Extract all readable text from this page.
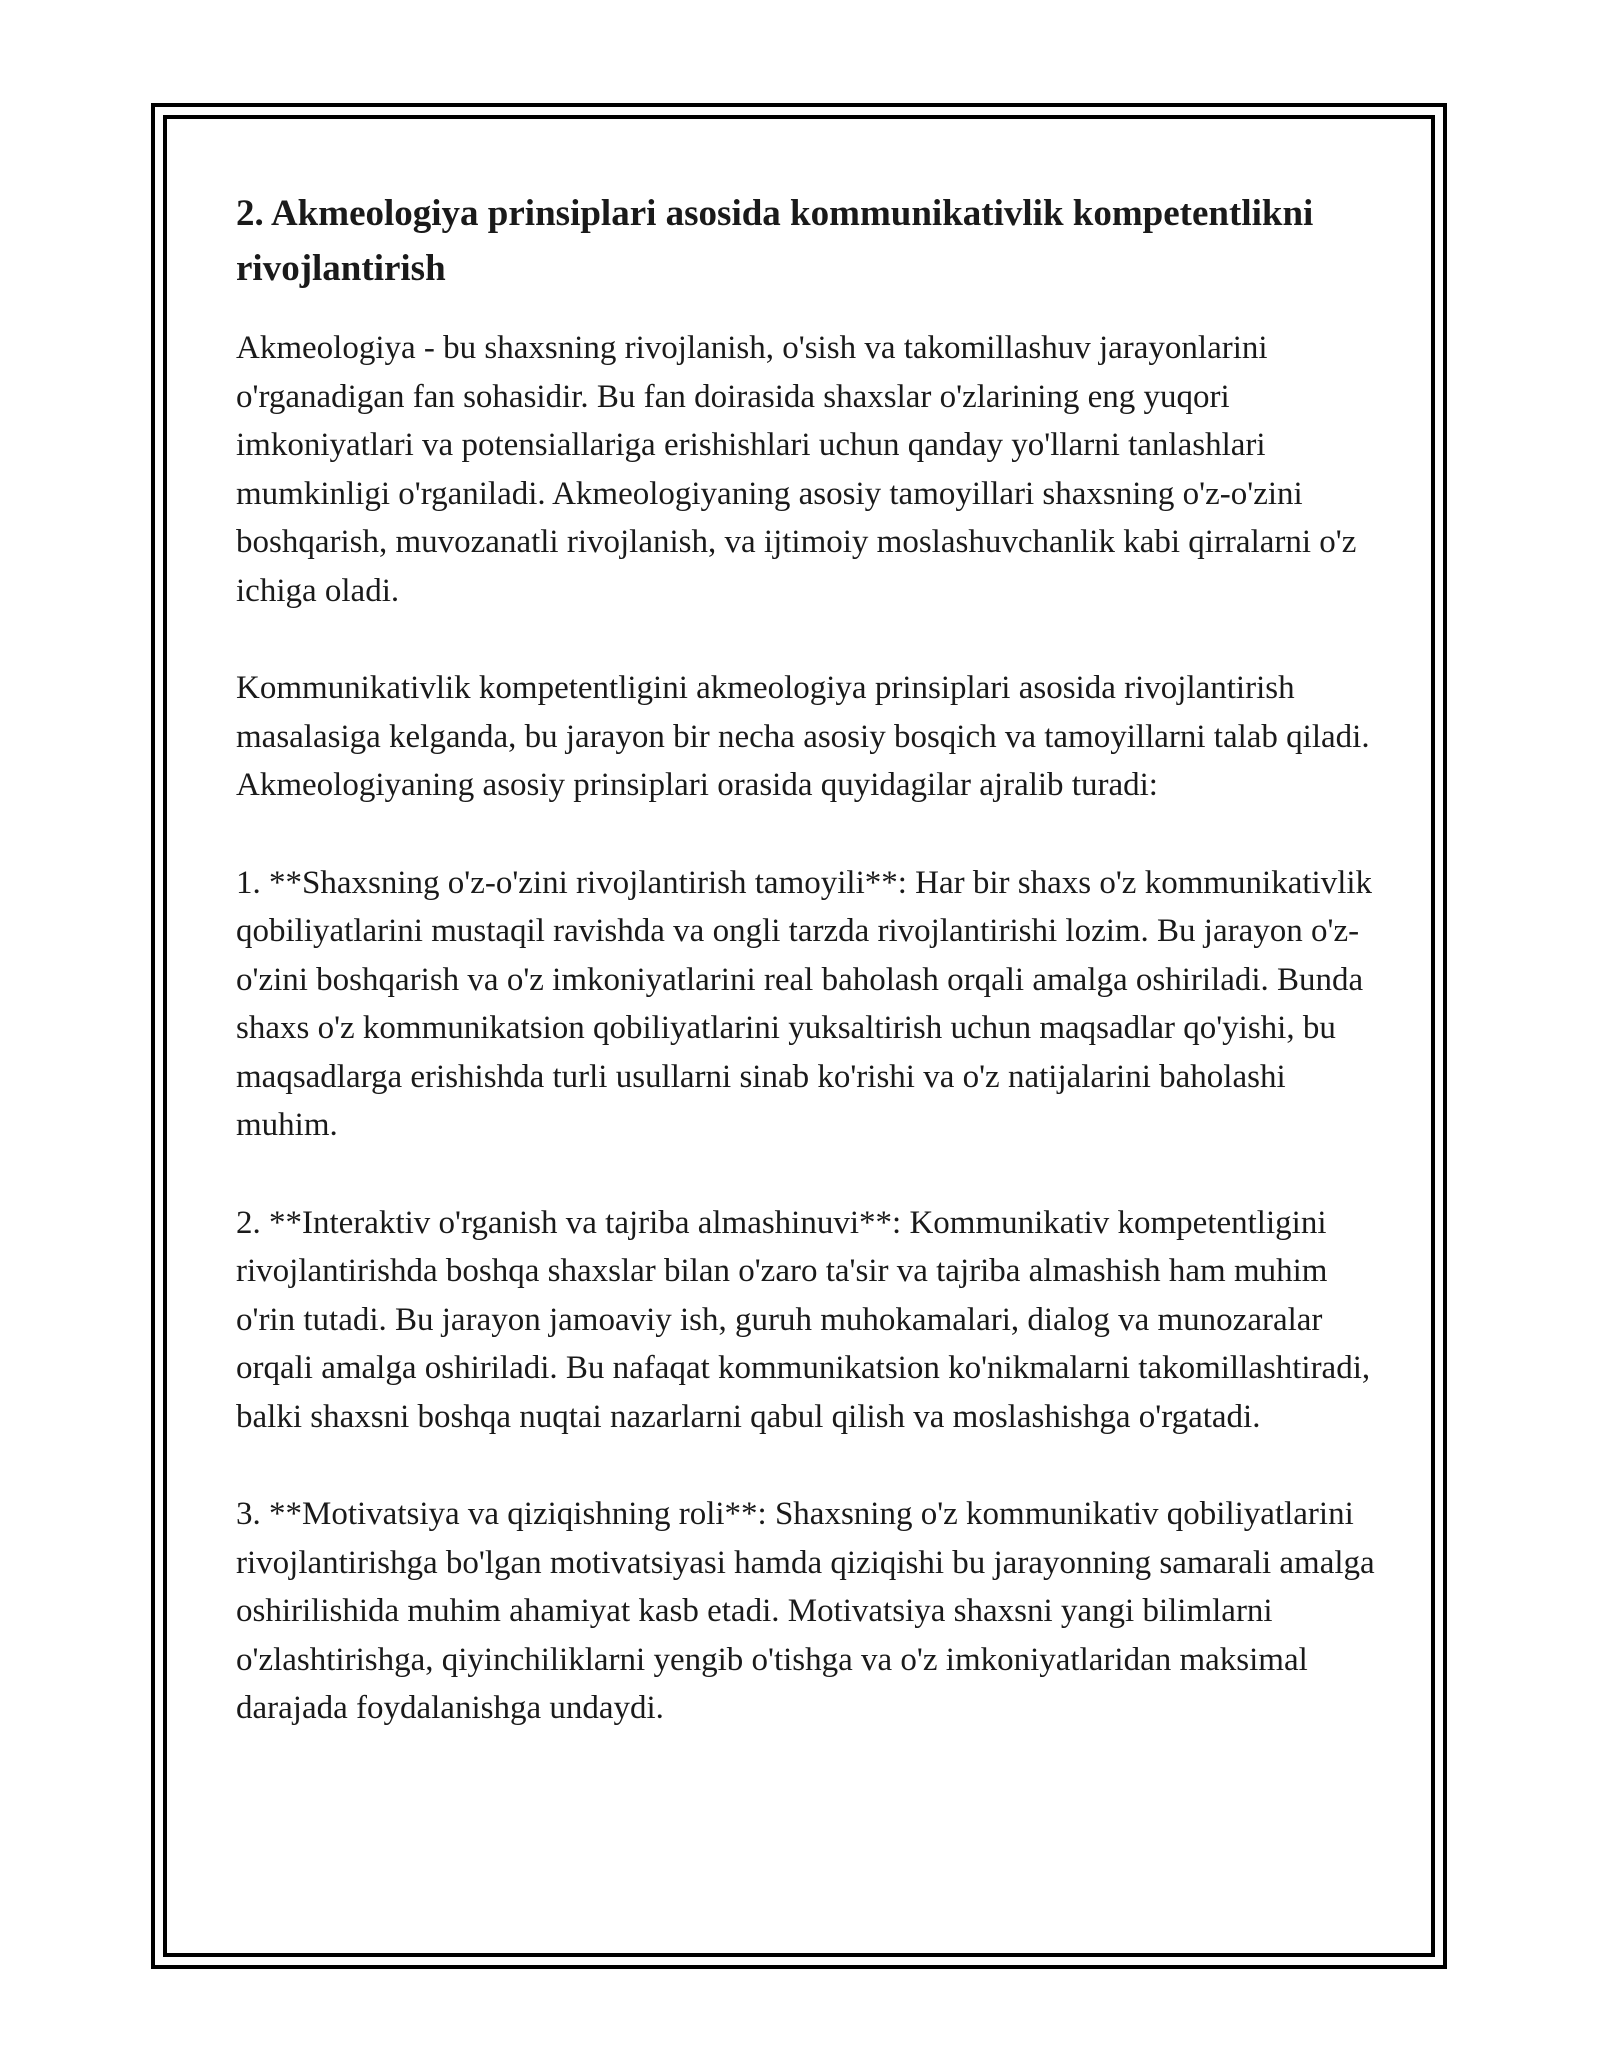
2. Akmeologiya prinsiplari asosida kommunikativlik kompetentlikni rivojlantirish

Akmeologiya - bu shaxsning rivojlanish, o'sish va takomillashuv jarayonlarini o'rganadigan fan sohasidir. Bu fan doirasida shaxslar o'zlarining eng yuqori imkoniyatlari va potensiallariga erishishlari uchun qanday yo'llarni tanlashlari mumkinligi o'rganiladi. Akmeologiyaning asosiy tamoyillari shaxsning o'z-o'zini boshqarish, muvozanatli rivojlanish, va ijtimoiy moslashuvchanlik kabi qirralarni o'z ichiga oladi.

Kommunikativlik kompetentligini akmeologiya prinsiplari asosida rivojlantirish masalasiga kelganda, bu jarayon bir necha asosiy bosqich va tamoyillarni talab qiladi. Akmeologiyaning asosiy prinsiplari orasida quyidagilar ajralib turadi:

1. **Shaxsning o'z-o'zini rivojlantirish tamoyili**: Har bir shaxs o'z kommunikativlik qobiliyatlarini mustaqil ravishda va ongli tarzda rivojlantirishi lozim. Bu jarayon o'z-o'zini boshqarish va o'z imkoniyatlarini real baholash orqali amalga oshiriladi. Bunda shaxs o'z kommunikatsion qobiliyatlarini yuksaltirish uchun maqsadlar qo'yishi, bu maqsadlarga erishishda turli usullarni sinab ko'rishi va o'z natijalarini baholashi muhim.

2. **Interaktiv o'rganish va tajriba almashinuvi**: Kommunikativ kompetentligini rivojlantirishda boshqa shaxslar bilan o'zaro ta'sir va tajriba almashish ham muhim o'rin tutadi. Bu jarayon jamoaviy ish, guruh muhokamalari, dialog va munozaralar orqali amalga oshiriladi. Bu nafaqat kommunikatsion ko'nikmalarni takomillashtiradi, balki shaxsni boshqa nuqtai nazarlarni qabul qilish va moslashishga o'rgatadi.

3. **Motivatsiya va qiziqishning roli**: Shaxsning o'z kommunikativ qobiliyatlarini rivojlantirishga bo'lgan motivatsiyasi hamda qiziqishi bu jarayonning samarali amalga oshirilishida muhim ahamiyat kasb etadi. Motivatsiya shaxsni yangi bilimlarni o'zlashtirishga, qiyinchiliklarni yengib o'tishga va o'z imkoniyatlaridan maksimal darajada foydalanishga undaydi.
